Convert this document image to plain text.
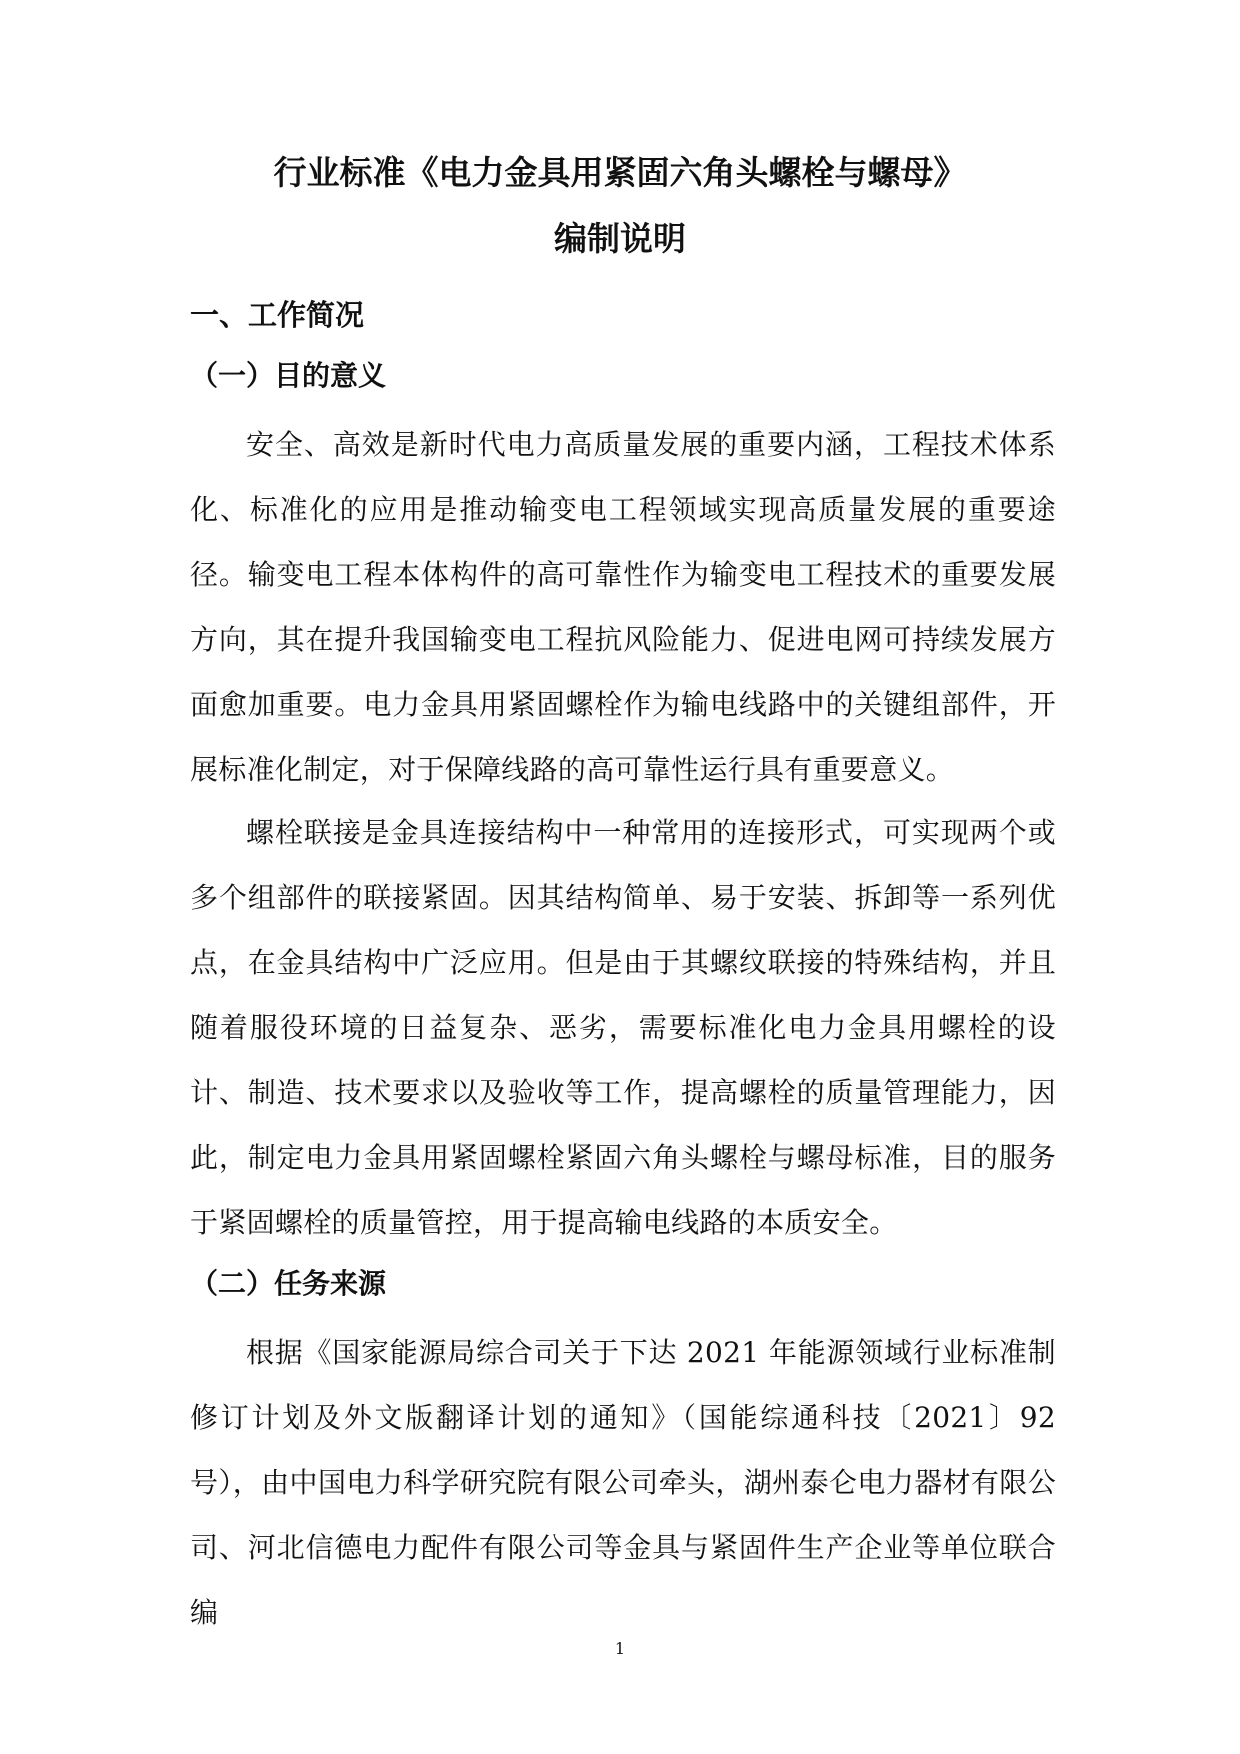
行业标准《电力金具用紧固六角头螺栓与螺母》
编制说明
一、工作简况
（一）目的意义

安全、高效是新时代电力高质量发展的重要内涵，工程技术体系化、标准化的应用是推动输变电工程领域实现高质量发展的重要途径。输变电工程本体构件的高可靠性作为输变电工程技术的重要发展方向，其在提升我国输变电工程抗风险能力、促进电网可持续发展方面愈加重要。电力金具用紧固螺栓作为输电线路中的关键组部件，开展标准化制定，对于保障线路的高可靠性运行具有重要意义。

螺栓联接是金具连接结构中一种常用的连接形式，可实现两个或多个组部件的联接紧固。因其结构简单、易于安装、拆卸等一系列优点，在金具结构中广泛应用。但是由于其螺纹联接的特殊结构，并且随着服役环境的日益复杂、恶劣，需要标准化电力金具用螺栓的设计、制造、技术要求以及验收等工作，提高螺栓的质量管理能力，因此，制定电力金具用紧固螺栓紧固六角头螺栓与螺母标准，目的服务于紧固螺栓的质量管控，用于提高输电线路的本质安全。

（二）任务来源

根据《国家能源局综合司关于下达 2021 年能源领域行业标准制修订计划及外文版翻译计划的通知》（国能综通科技〔2021〕92 号），由中国电力科学研究院有限公司牵头，湖州泰仑电力器材有限公司、河北信德电力配件有限公司等金具与紧固件生产企业等单位联合编

1
